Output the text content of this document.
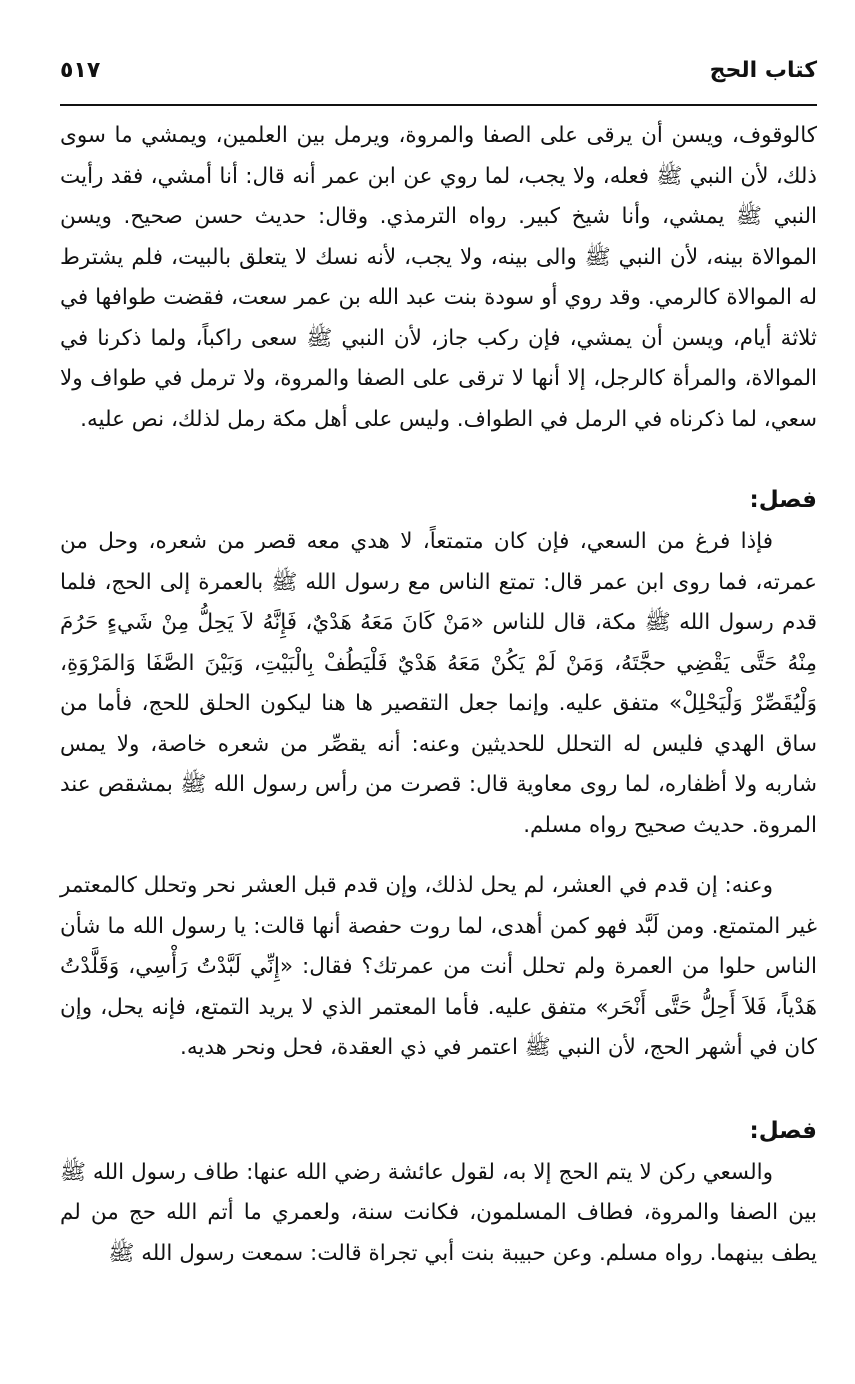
كتاب الحج
٥١٧

كالوقوف، ويسن أن يرقى على الصفا والمروة، ويرمل بين العلمين، ويمشي ما سوى ذلك، لأن النبي ﷺ فعله، ولا يجب، لما روي عن ابن عمر أنه قال: أنا أمشي، فقد رأيت النبي ﷺ يمشي، وأنا شيخ كبير. رواه الترمذي. وقال: حديث حسن صحيح. ويسن الموالاة بينه، لأن النبي ﷺ والى بينه، ولا يجب، لأنه نسك لا يتعلق بالبيت، فلم يشترط له الموالاة كالرمي. وقد روي أو سودة بنت عبد الله بن عمر سعت، فقضت طوافها في ثلاثة أيام، ويسن أن يمشي، فإن ركب جاز، لأن النبي ﷺ سعى راكباً، ولما ذكرنا في الموالاة، والمرأة كالرجل، إلا أنها لا ترقى على الصفا والمروة، ولا ترمل في طواف ولا سعي، لما ذكرناه في الرمل في الطواف. وليس على أهل مكة رمل لذلك، نص عليه.

فصل:

فإذا فرغ من السعي، فإن كان متمتعاً، لا هدي معه قصر من شعره، وحل من عمرته، فما روى ابن عمر قال: تمتع الناس مع رسول الله ﷺ بالعمرة إلى الحج، فلما قدم رسول الله ﷺ مكة، قال للناس «مَنْ كَانَ مَعَهُ هَدْيٌ، فَإِنَّهُ لاَ يَحِلُّ مِنْ شَيءٍ حَرُمَ مِنْهُ حَتَّى يَقْضِي حجَّتَهُ، وَمَنْ لَمْ يَكُنْ مَعَهُ هَدْيٌ فَلْيَطُفْ بِالْبَيْتِ، وَبَيْنَ الصَّفَا وَالمَرْوَةِ، وَلْيُقَصِّرْ وَلْيَحْلِلْ» متفق عليه. وإنما جعل التقصير ها هنا ليكون الحلق للحج، فأما من ساق الهدي فليس له التحلل للحديثين وعنه: أنه يقصِّر من شعره خاصة، ولا يمس شاربه ولا أظفاره، لما روى معاوية قال: قصرت من رأس رسول الله ﷺ بمشقص عند المروة. حديث صحيح رواه مسلم.

وعنه: إن قدم في العشر، لم يحل لذلك، وإن قدم قبل العشر نحر وتحلل كالمعتمر غير المتمتع. ومن لَبَّد فهو كمن أهدى، لما روت حفصة أنها قالت: يا رسول الله ما شأن الناس حلوا من العمرة ولم تحلل أنت من عمرتك؟ فقال: «إِنِّي لَبَّدْتُ رَأْسِي، وَقَلَّدْتُ هَدْياً، فَلاَ أَحِلُّ حَتَّى أَنْحَر» متفق عليه. فأما المعتمر الذي لا يريد التمتع، فإنه يحل، وإن كان في أشهر الحج، لأن النبي ﷺ اعتمر في ذي العقدة، فحل ونحر هديه.

فصل:

والسعي ركن لا يتم الحج إلا به، لقول عائشة رضي الله عنها: طاف رسول الله ﷺ بين الصفا والمروة، فطاف المسلمون، فكانت سنة، ولعمري ما أتم الله حج من لم يطف بينهما. رواه مسلم. وعن حبيبة بنت أبي تجراة قالت: سمعت رسول الله ﷺ
